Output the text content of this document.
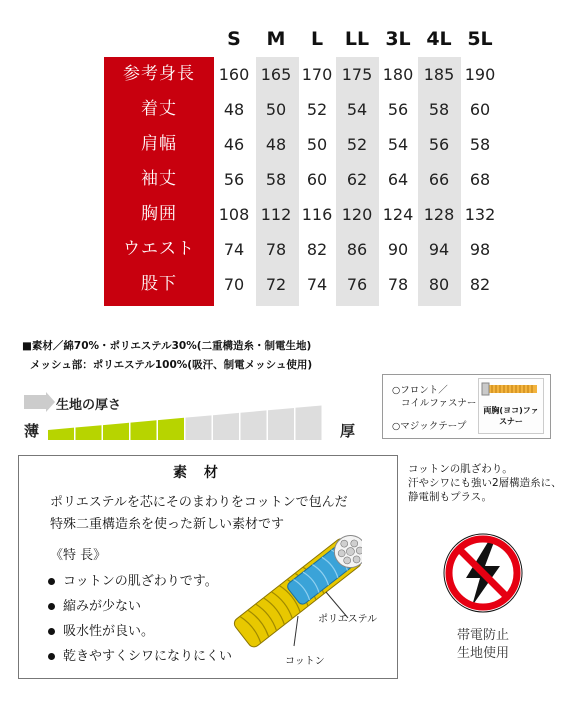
S	M	L	LL 3L 4L 5L
参考身長	160 165 170 175 180 185 190
着丈	48	50	52	54	56	58	60
肩幅	46	48	50	52	54	56	58
袖丈	56	58	60	62	64	66	68
胸囲	108 112 116 120 124 128 132
ウエスト	74	78	82	86	90	94	98
股下	70	72	74	76	78	80	82
■素材／綿70%・ポリエステル30%(二重構造糸・制電生地)
メッシュ部：ポリエステル100%(吸汗、制電メッシュ使用)
生地の厚さ
薄	厚
○フロント／
コイルファスナー
○マジックテープ
両胸(ヨコ)ファスナー
素 材
ポリエステルを芯にそのまわりをコットンで包んだ
特殊二重構造糸を使った新しい素材です
《特 長》
コットンの肌ざわりです。
縮みが少ない
吸水性が良い。
乾きやすくシワになりにくい
ポリエステル
コットン
コットンの肌ざわり。
汗やシワにも強い2層構造糸に、
静電制もプラス。
帯電防止
生地使用
